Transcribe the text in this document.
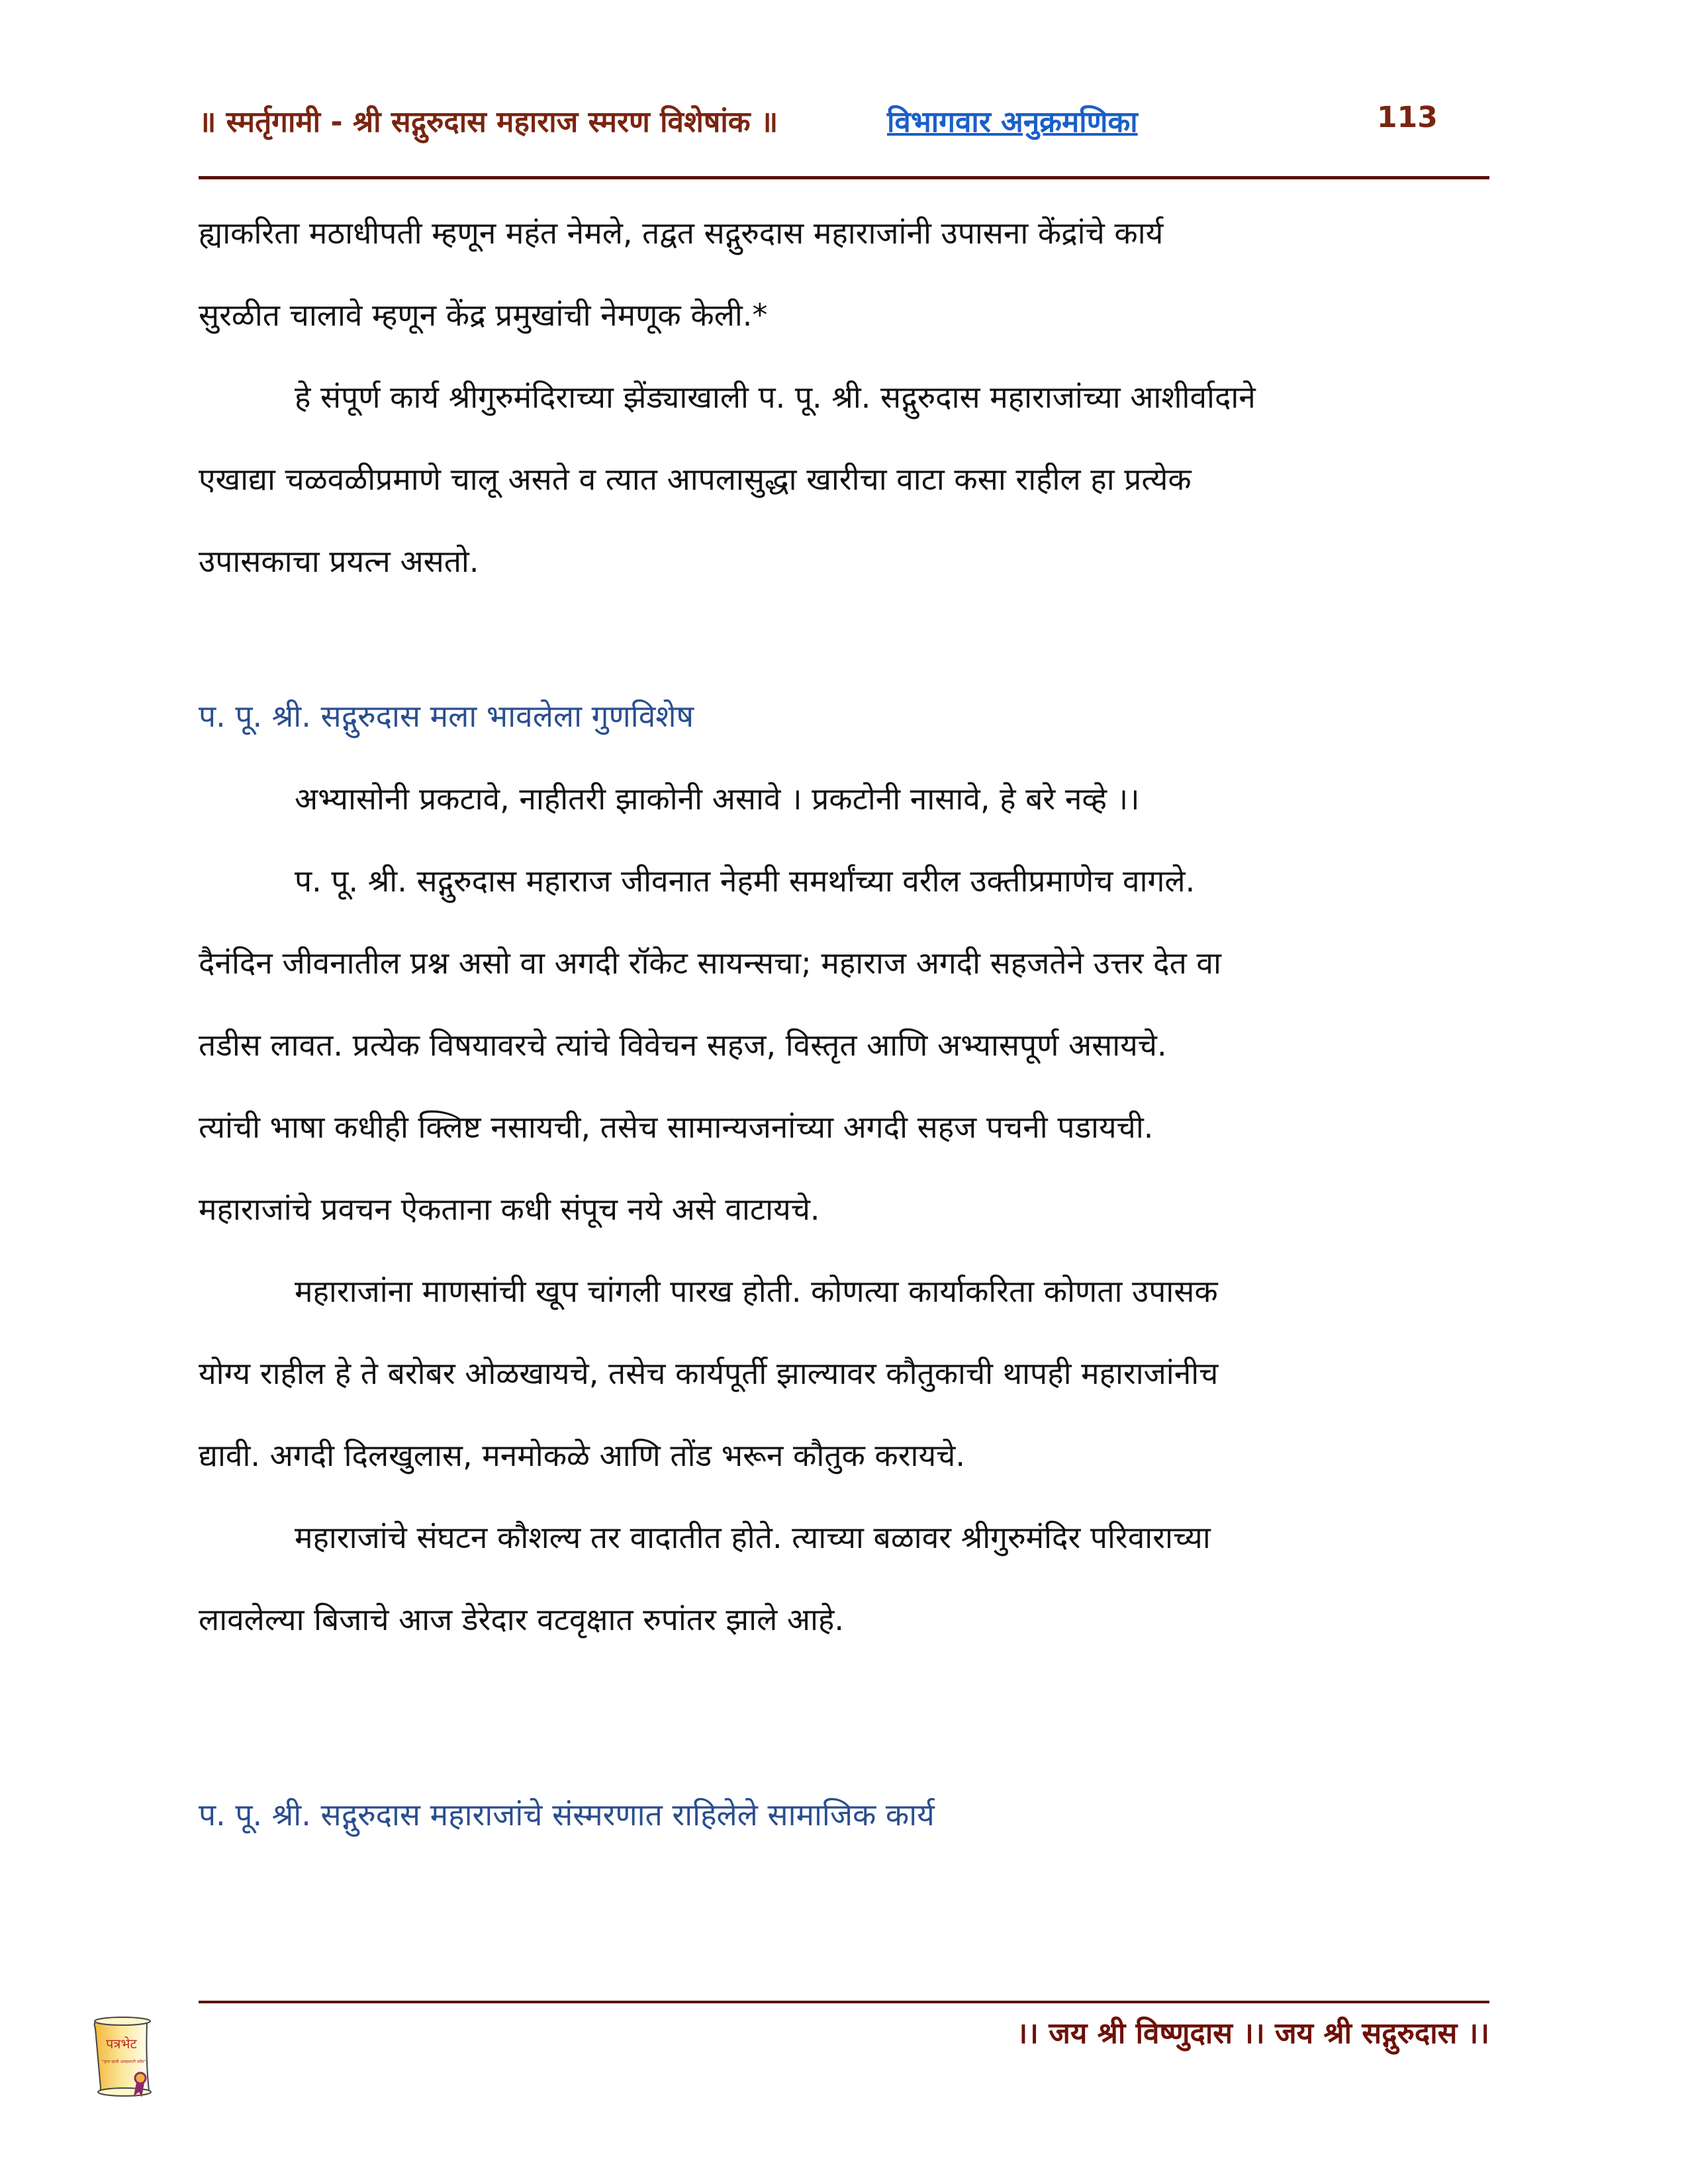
॥ स्मर्तृगामी - श्री सद्गुरुदास महाराज स्मरण विशेषांक ॥	विभागवार अनुक्रमणिका	113
ह्याकरिता मठाधीपती म्हणून महंत नेमले, तद्वत सद्गुरुदास महाराजांनी उपासना केंद्रांचे कार्य
सुरळीत चालावे म्हणून केंद्र प्रमुखांची नेमणूक केली.*
हे संपूर्ण कार्य श्रीगुरुमंदिराच्या झेंड्याखाली प. पू. श्री. सद्गुरुदास महाराजांच्या आशीर्वादाने
एखाद्या चळवळीप्रमाणे चालू असते व त्यात आपलासुद्धा खारीचा वाटा कसा राहील हा प्रत्येक
उपासकाचा प्रयत्न असतो.
प. पू. श्री. सद्गुरुदास मला भावलेला गुणविशेष
अभ्यासोनी प्रकटावे, नाहीतरी झाकोनी असावे । प्रकटोनी नासावे, हे बरे नव्हे ।।
प. पू. श्री. सद्गुरुदास महाराज जीवनात नेहमी समर्थांच्या वरील उक्तीप्रमाणेच वागले.
दैनंदिन जीवनातील प्रश्न असो वा अगदी रॉकेट सायन्सचा; महाराज अगदी सहजतेने उत्तर देत वा
तडीस लावत. प्रत्येक विषयावरचे त्यांचे विवेचन सहज, विस्तृत आणि अभ्यासपूर्ण असायचे.
त्यांची भाषा कधीही क्लिष्ट नसायची, तसेच सामान्यजनांच्या अगदी सहज पचनी पडायची.
महाराजांचे प्रवचन ऐकताना कधी संपूच नये असे वाटायचे.
महाराजांना माणसांची खूप चांगली पारख होती. कोणत्या कार्याकरिता कोणता उपासक
योग्य राहील हे ते बरोबर ओळखायचे, तसेच कार्यपूर्ती झाल्यावर कौतुकाची थापही महाराजांनीच
द्यावी. अगदी दिलखुलास, मनमोकळे आणि तोंड भरून कौतुक करायचे.
महाराजांचे संघटन कौशल्य तर वादातीत होते. त्याच्या बळावर श्रीगुरुमंदिर परिवाराच्या
लावलेल्या बिजाचे आज डेरेदार वटवृक्षात रुपांतर झाले आहे.
प. पू. श्री. सद्गुरुदास महाराजांचे संस्मरणात राहिलेले सामाजिक कार्य
पत्रभेट
"कृपा व्हावी आम्हावरती सदैव"
।। जय श्री विष्णुदास ।। जय श्री सद्गुरुदास ।।
